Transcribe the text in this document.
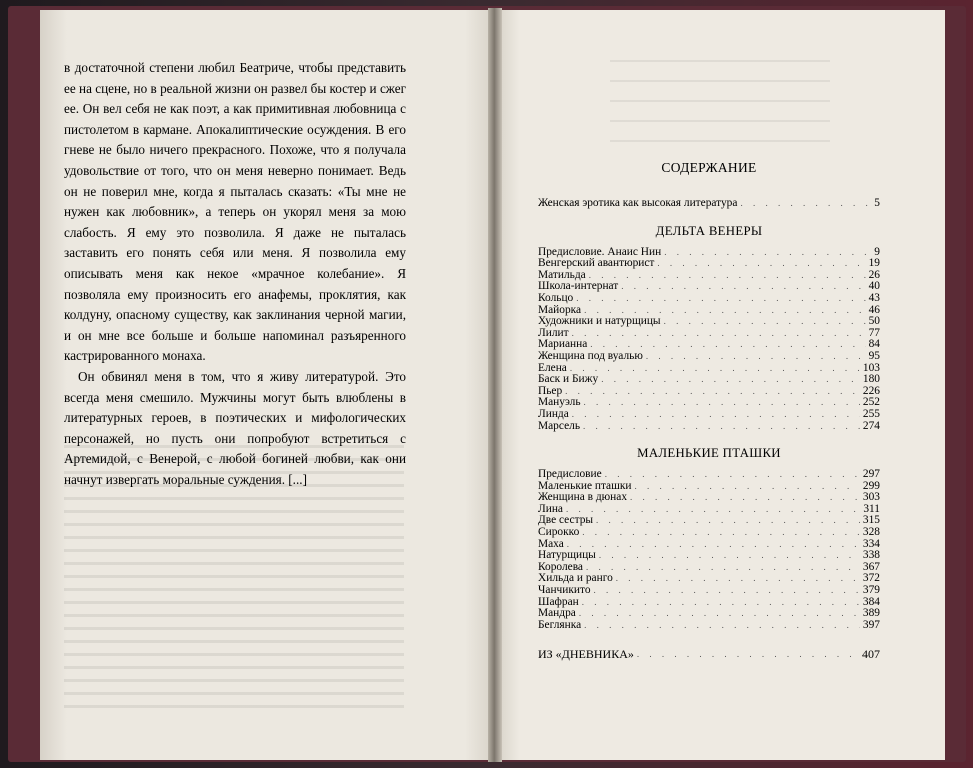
в достаточной степени любил Беатриче, чтобы представить ее на сцене, но в реальной жизни он развел бы костер и сжег ее. Он вел себя не как поэт, а как примитивная любовница с пистолетом в кармане. Апокалиптические осуждения. В его гневе не было ничего прекрасного. Похоже, что я получала удовольствие от того, что он меня неверно понимает. Ведь он не поверил мне, когда я пыталась сказать: «Ты мне не нужен как любовник», а теперь он укорял меня за мою слабость. Я ему это позволила. Я даже не пыталась заставить его понять себя или меня. Я позволила ему описывать меня как некое «мрачное колебание». Я позволяла ему произносить его анафемы, проклятия, как колдуну, опасному существу, как заклинания черной магии, и он мне все больше и больше напоминал разъяренного кастрированного монаха.

Он обвинял меня в том, что я живу литературой. Это всегда меня смешило. Мужчины могут быть влюблены в литературных героев, в поэтических и мифологических персонажей, но пусть они попробуют встретиться с Артемидой, с Венерой, с любой богиней любви, как они начнут извергать моральные суждения. [...]

СОДЕРЖАНИЕ
Женская эротика как высокая литература . . .	5
ДЕЛЬТА ВЕНЕРЫ
Предисловие. Анаис Нин . . .	9
Венгерский авантюрист . . .	19
Матильда . . .	26
Школа-интернат . . .	40
Кольцо . . .	43
Майорка . . .	46
Художники и натурщицы . . .	50
Лилит . . .	77
Марианна . . .	84
Женщина под вуалью . . .	95
Елена . . .	103
Баск и Бижу . . .	180
Пьер . . .	226
Мануэль . . .	252
Линда . . .	255
Марсель . . .	274
МАЛЕНЬКИЕ ПТАШКИ
Предисловие . . .	297
Маленькие пташки . . .	299
Женщина в дюнах . . .	303
Лина . . .	311
Две сестры . . .	315
Сирокко . . .	328
Маха . . .	334
Натурщицы . . .	338
Королева . . .	367
Хильда и ранго . . .	372
Чанчикито . . .	379
Шафран . . .	384
Мандра . . .	389
Беглянка . . .	397
ИЗ «ДНЕВНИКА» . . .	407
